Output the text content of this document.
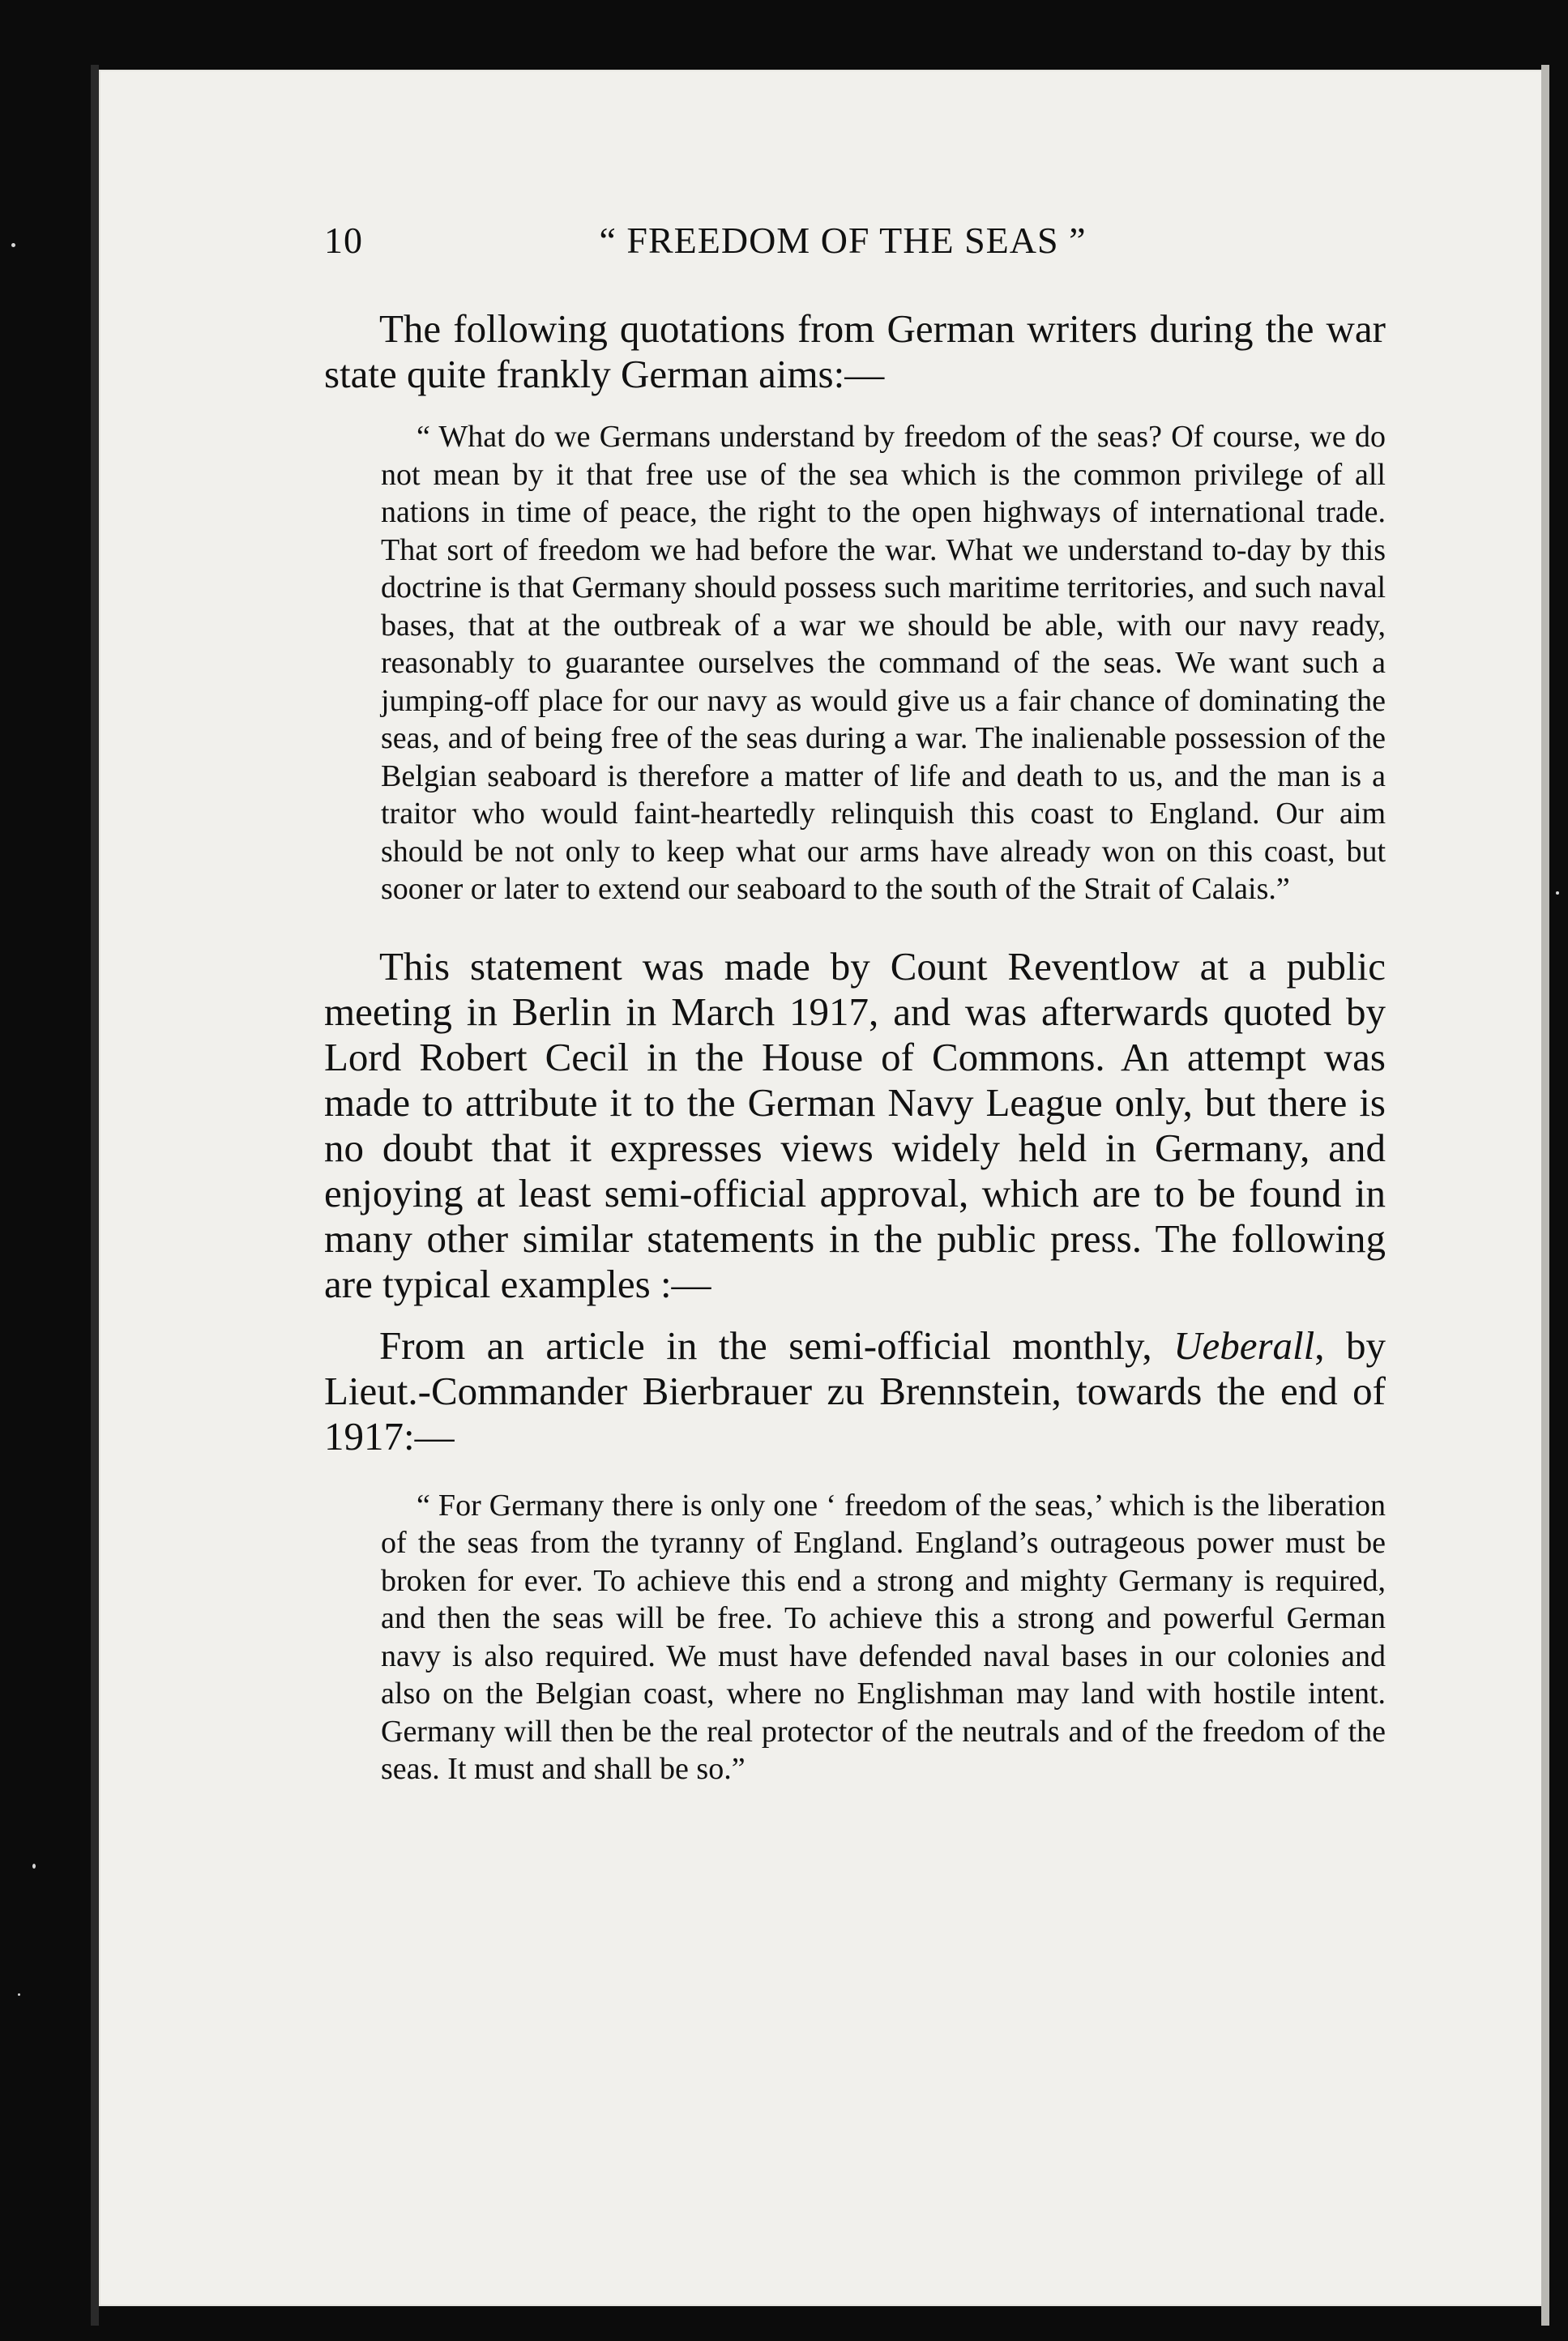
10	“ FREEDOM OF THE SEAS ”

The following quotations from German writers during the war state quite frankly German aims:—

“ What do we Germans understand by freedom of the seas? Of course, we do not mean by it that free use of the sea which is the common privilege of all nations in time of peace, the right to the open highways of international trade. That sort of freedom we had before the war. What we understand to-day by this doctrine is that Germany should possess such maritime territories, and such naval bases, that at the outbreak of a war we should be able, with our navy ready, reasonably to guarantee ourselves the command of the seas. We want such a jumping-off place for our navy as would give us a fair chance of dominating the seas, and of being free of the seas during a war. The inalienable possession of the Belgian seaboard is therefore a matter of life and death to us, and the man is a traitor who would faint-heartedly relinquish this coast to England. Our aim should be not only to keep what our arms have already won on this coast, but sooner or later to extend our seaboard to the south of the Strait of Calais.”

This statement was made by Count Reventlow at a public meeting in Berlin in March 1917, and was afterwards quoted by Lord Robert Cecil in the House of Commons. An attempt was made to attribute it to the German Navy League only, but there is no doubt that it expresses views widely held in Germany, and enjoying at least semi-official approval, which are to be found in many other similar statements in the public press. The following are typical examples :—

From an article in the semi-official monthly, Ueberall, by Lieut.-Commander Bierbrauer zu Brennstein, towards the end of 1917:—

“ For Germany there is only one ‘ freedom of the seas,’ which is the liberation of the seas from the tyranny of England. England’s outrageous power must be broken for ever. To achieve this end a strong and mighty Germany is required, and then the seas will be free. To achieve this a strong and powerful German navy is also required. We must have defended naval bases in our colonies and also on the Belgian coast, where no Englishman may land with hostile intent. Germany will then be the real protector of the neutrals and of the freedom of the seas. It must and shall be so.”
